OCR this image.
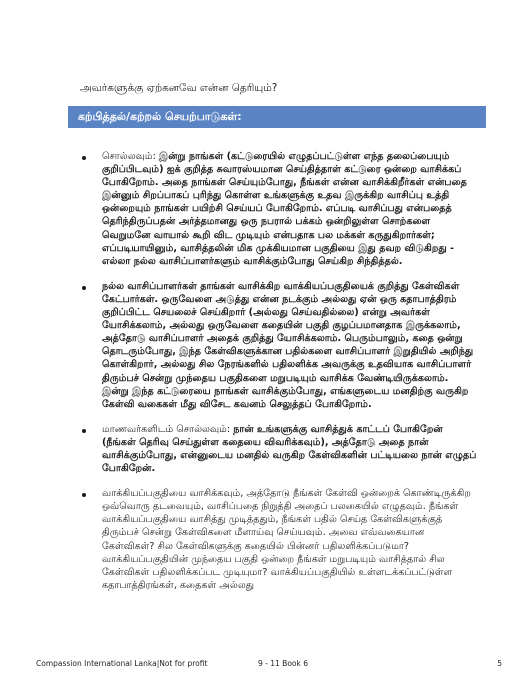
அவர்களுக்கு ஏற்கனவே என்ன தெரியும்?
கற்பித்தல்/கற்றல் செயற்பாடுகள்:

சொல்லவும்: இன்று நாங்கள் (கட்டுரையில் எழுதப்பட்டுள்ள எந்த தலைப்பையும் குறிப்பிடவும்) ஐக் குறித்த சுவாரஸ்யமான செய்தித்தாள் கட்டுரை ஒன்றை வாசிக்கப் போகிறோம். அதை நாங்கள் செய்யும்போது, நீங்கள் என்ன வாசிக்கிறீர்கள் என்பதை இன்னும் சிறப்பாகப் புரிந்து கொள்ள உங்களுக்கு உதவ இருக்கிற வாசிப்பு உத்தி ஒன்றையும் நாங்கள் பயிற்சி செய்யப் போகிறோம். எப்படி வாசிப்பது என்பதைத் தெரிந்திருப்பதன் அர்த்தமானது ஒரு நபரால் பக்கம் ஒன்றிலுள்ள சொற்களை வெறுமனே வாயால் கூறி விட முடியும் என்பதாக பல மக்கள் கருதுகிறார்கள்; எப்படியாயினும், வாசித்தலின் மிக முக்கியமான பகுதியை இது தவற விடுகிறது - எல்லா நல்ல வாசிப்பாளர்களும் வாசிக்கும்போது செய்கிற சிந்தித்தல்.

நல்ல வாசிப்பாளர்கள் தாங்கள் வாசிக்கிற வாக்கியப்பகுதியைக் குறித்து கேள்விகள் கேட்பார்கள். ஒருவேளை அடுத்து என்ன நடக்கும் அல்லது ஏன் ஒரு கதாபாத்திரம் குறிப்பிட்ட செயலைச் செய்கிறார் (அல்லது செய்வதில்லை) என்று அவர்கள் யோசிக்கலாம், அல்லது ஒருவேளை கதையின் பகுதி குழப்பமானதாக இருக்கலாம், அத்தோடு வாசிப்பாளர் அதைக் குறித்து யோசிக்கலாம். பெரும்பாலும், கதை ஒன்று தொடரும்போது, இந்த கேள்விகளுக்கான பதில்களை வாசிப்பாளர் இறுதியில் அறிந்து கொள்கிறார், அல்லது சில நேரங்களில் பதிலளிக்க அவருக்கு உதவியாக வாசிப்பாளர் திரும்பச் சென்று முந்தைய பகுதிகளை மறுபடியும் வாசிக்க வேண்டியிருக்கலாம். இன்று இந்த கட்டுரையை நாங்கள் வாசிக்கும்போது, எங்களுடைய மனதிற்கு வருகிற கேள்வி வகைகள் மீது விசேட கவனம் செலுத்தப் போகிறோம்.

மாணவர்களிடம் சொல்லவும்: நான் உங்களுக்கு வாசித்துக் காட்டப் போகிறேன் (நீங்கள் தெரிவு செய்துள்ள கதையை விவரிக்கவும்), அத்தோடு அதை நான் வாசிக்கும்போது, என்னுடைய மனதில் வருகிற கேள்விகளின் பட்டியலை நான் எழுதப் போகிறேன்.

வாக்கியப்பகுதியை வாசிக்கவும், அத்தோடு நீங்கள் கேள்வி ஒன்றைக் கொண்டிருக்கிற ஒவ்வொரு தடவையும், வாசிப்பதை நிறுத்தி அதைப் பலகையில் எழுதவும். நீங்கள் வாக்கியப்பகுதியை வாசித்து முடித்ததும், நீங்கள் பதில் செய்த கேள்விகளுக்குத் திரும்பச் சென்று கேள்விகளை மீளாய்வு செய்யவும். அவை எவ்வகையான கேள்விகள்? சில கேள்விகளுக்கு கதையில் பின்னர் பதிலளிக்கப்படுமா? வாக்கியப்பகுதியின் முந்தைய பகுதி ஒன்றை நீங்கள் மறுபடியும் வாசித்தால் சில கேள்விகள் பதிலளிக்கப்பட முடியுமா? வாக்கியப்பகுதியில் உள்ளடக்கப்பட்டுள்ள கதாபாத்திரங்கள், கதைகள் அல்லது

Compassion International Lanka|Not for profit	9 - 11 Book 6	5
